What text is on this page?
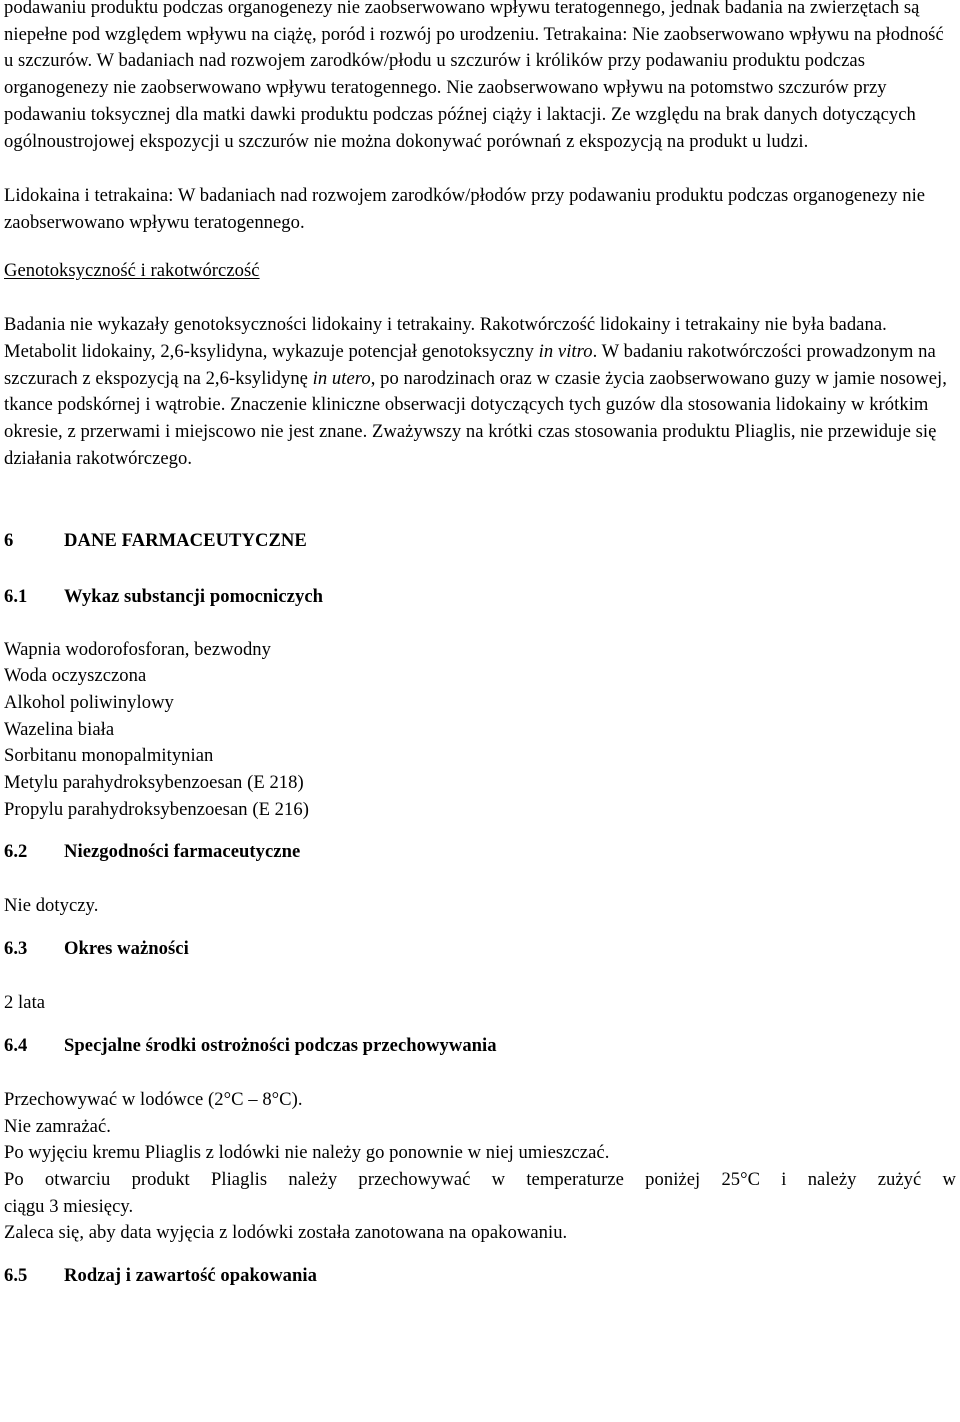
podawaniu produktu podczas organogenezy nie zaobserwowano wpływu teratogennego, jednak badania na zwierzętach są niepełne pod względem wpływu na ciążę, poród i rozwój po urodzeniu. Tetrakaina: Nie zaobserwowano wpływu na płodność u szczurów. W badaniach nad rozwojem zarodków/płodu u szczurów i królików przy podawaniu produktu podczas organogenezy nie zaobserwowano wpływu teratogennego. Nie zaobserwowano wpływu na potomstwo szczurów przy podawaniu toksycznej dla matki dawki produktu podczas późnej ciąży i laktacji. Ze względu na brak danych dotyczących ogólnoustrojowej ekspozycji u szczurów nie można dokonywać porównań z ekspozycją na produkt u ludzi.

Lidokaina i tetrakaina: W badaniach nad rozwojem zarodków/płodów przy podawaniu produktu podczas organogenezy nie zaobserwowano wpływu teratogennego.

Genotoksyczność i rakotwórczość

Badania nie wykazały genotoksyczności lidokainy i tetrakainy. Rakotwórczość lidokainy i tetrakainy nie była badana. Metabolit lidokainy, 2,6-ksylidyna, wykazuje potencjał genotoksyczny in vitro. W badaniu rakotwórczości prowadzonym na szczurach z ekspozycją na 2,6-ksylidynę in utero, po narodzinach oraz w czasie życia zaobserwowano guzy w jamie nosowej, tkance podskórnej i wątrobie. Znaczenie kliniczne obserwacji dotyczących tych guzów dla stosowania lidokainy w krótkim okresie, z przerwami i miejscowo nie jest znane. Zważywszy na krótki czas stosowania produktu Pliaglis, nie przewiduje się działania rakotwórczego.

6	DANE FARMACEUTYCZNE
6.1	Wykaz substancji pomocniczych
Wapnia wodorofosforan, bezwodny
Woda oczyszczona
Alkohol poliwinylowy
Wazelina biała
Sorbitanu monopalmitynian
Metylu parahydroksybenzoesan (E 218)
Propylu parahydroksybenzoesan (E 216)
6.2	Niezgodności farmaceutyczne

Nie dotyczy.

6.3	Okres ważności

2 lata

6.4	Specjalne środki ostrożności podczas przechowywania

Przechowywać w lodówce (2°C – 8°C).

Nie zamrażać.

Po wyjęciu kremu Pliaglis z lodówki nie należy go ponownie w niej umieszczać.

Po otwarciu produkt Pliaglis należy przechowywać w temperaturze poniżej 25°C i należy zużyć w

ciągu 3 miesięcy.

Zaleca się, aby data wyjęcia z lodówki została zanotowana na opakowaniu.

6.5	Rodzaj i zawartość opakowania
